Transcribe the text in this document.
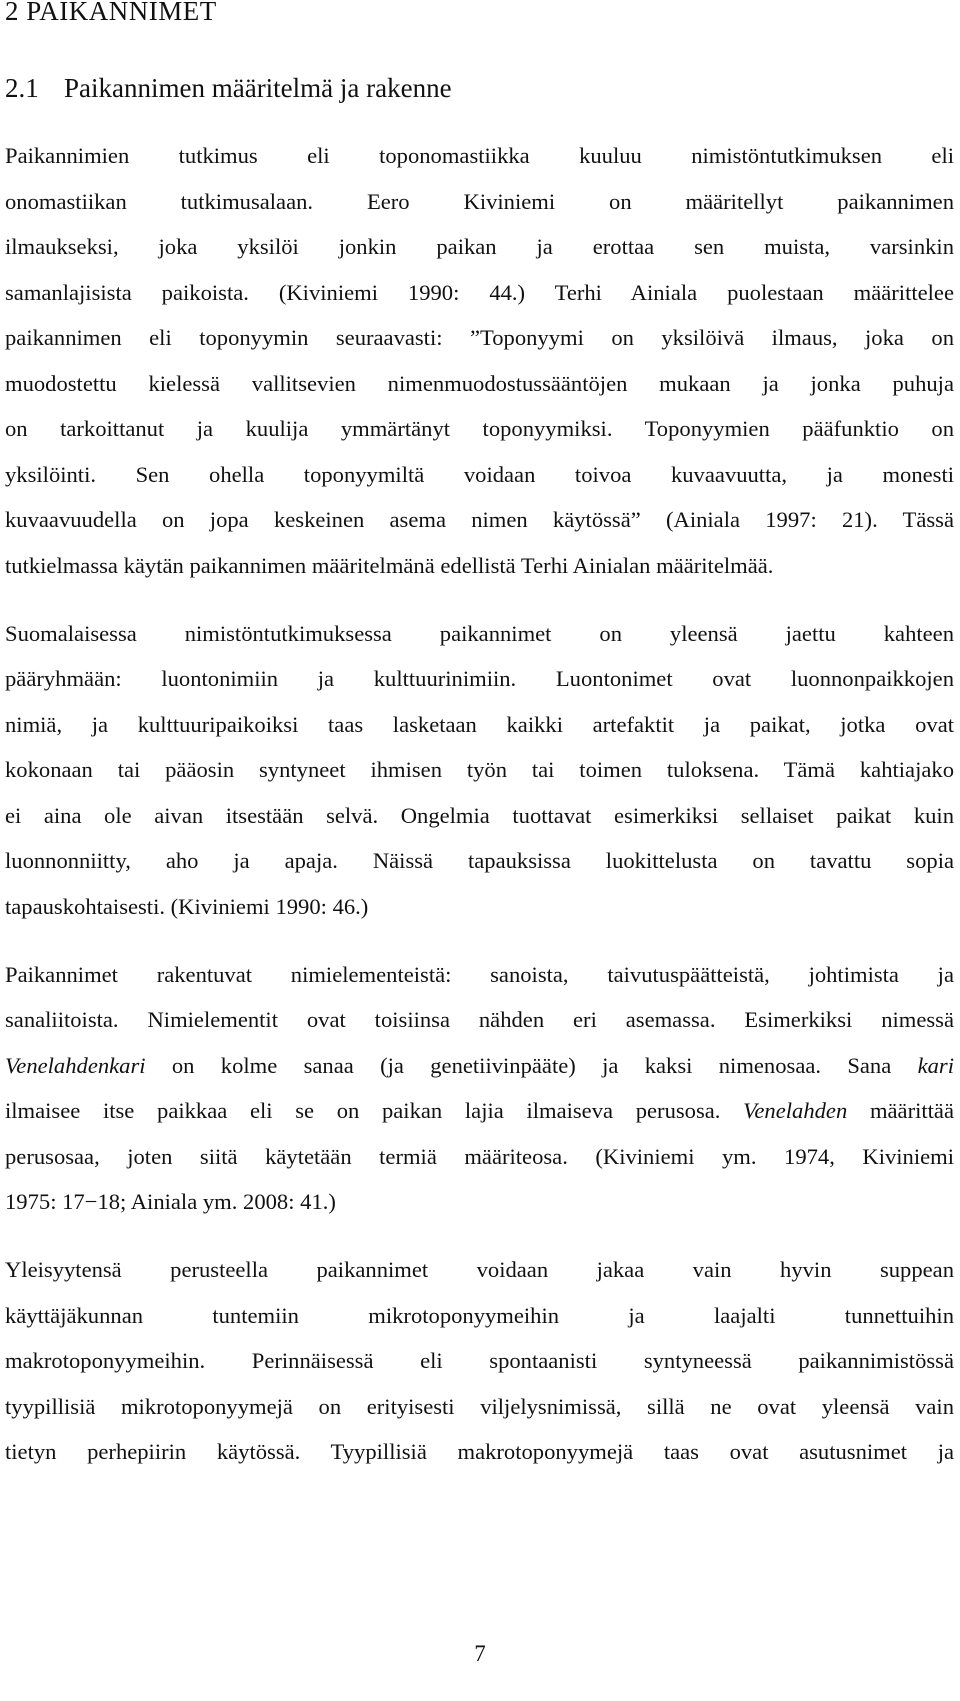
2 PAIKANNIMET
2.1 Paikannimen määritelmä ja rakenne

Paikannimien tutkimus eli toponomastiikka kuuluu nimistöntutkimuksen eli

onomastiikan tutkimusalaan. Eero Kiviniemi on määritellyt paikannimen

ilmaukseksi, joka yksilöi jonkin paikan ja erottaa sen muista, varsinkin

samanlajisista paikoista. (Kiviniemi 1990: 44.) Terhi Ainiala puolestaan määrittelee

paikannimen eli toponyymin seuraavasti: ”Toponyymi on yksilöivä ilmaus, joka on

muodostettu kielessä vallitsevien nimenmuodostussääntöjen mukaan ja jonka puhuja

on tarkoittanut ja kuulija ymmärtänyt toponyymiksi. Toponyymien pääfunktio on

yksilöinti. Sen ohella toponyymiltä voidaan toivoa kuvaavuutta, ja monesti

kuvaavuudella on jopa keskeinen asema nimen käytössä” (Ainiala 1997: 21). Tässä

tutkielmassa käytän paikannimen määritelmänä edellistä Terhi Ainialan määritelmää.

Suomalaisessa nimistöntutkimuksessa paikannimet on yleensä jaettu kahteen

pääryhmään: luontonimiin ja kulttuurinimiin. Luontonimet ovat luonnonpaikkojen

nimiä, ja kulttuuripaikoiksi taas lasketaan kaikki artefaktit ja paikat, jotka ovat

kokonaan tai pääosin syntyneet ihmisen työn tai toimen tuloksena. Tämä kahtiajako

ei aina ole aivan itsestään selvä. Ongelmia tuottavat esimerkiksi sellaiset paikat kuin

luonnonniitty, aho ja apaja. Näissä tapauksissa luokittelusta on tavattu sopia

tapauskohtaisesti. (Kiviniemi 1990: 46.)

Paikannimet rakentuvat nimielementeistä: sanoista, taivutuspäätteistä, johtimista ja

sanaliitoista. Nimielementit ovat toisiinsa nähden eri asemassa. Esimerkiksi nimessä

Venelahdenkari on kolme sanaa (ja genetiivinpääte) ja kaksi nimenosaa. Sana kari

ilmaisee itse paikkaa eli se on paikan lajia ilmaiseva perusosa. Venelahden määrittää

perusosaa, joten siitä käytetään termiä määriteosa. (Kiviniemi ym. 1974, Kiviniemi

1975: 17−18; Ainiala ym. 2008: 41.)

Yleisyytensä perusteella paikannimet voidaan jakaa vain hyvin suppean

käyttäjäkunnan tuntemiin mikrotoponyymeihin ja laajalti tunnettuihin

makrotoponyymeihin. Perinnäisessä eli spontaanisti syntyneessä paikannimistössä

tyypillisiä mikrotoponyymejä on erityisesti viljelysnimissä, sillä ne ovat yleensä vain

tietyn perhepiirin käytössä. Tyypillisiä makrotoponyymejä taas ovat asutusnimet ja

7
